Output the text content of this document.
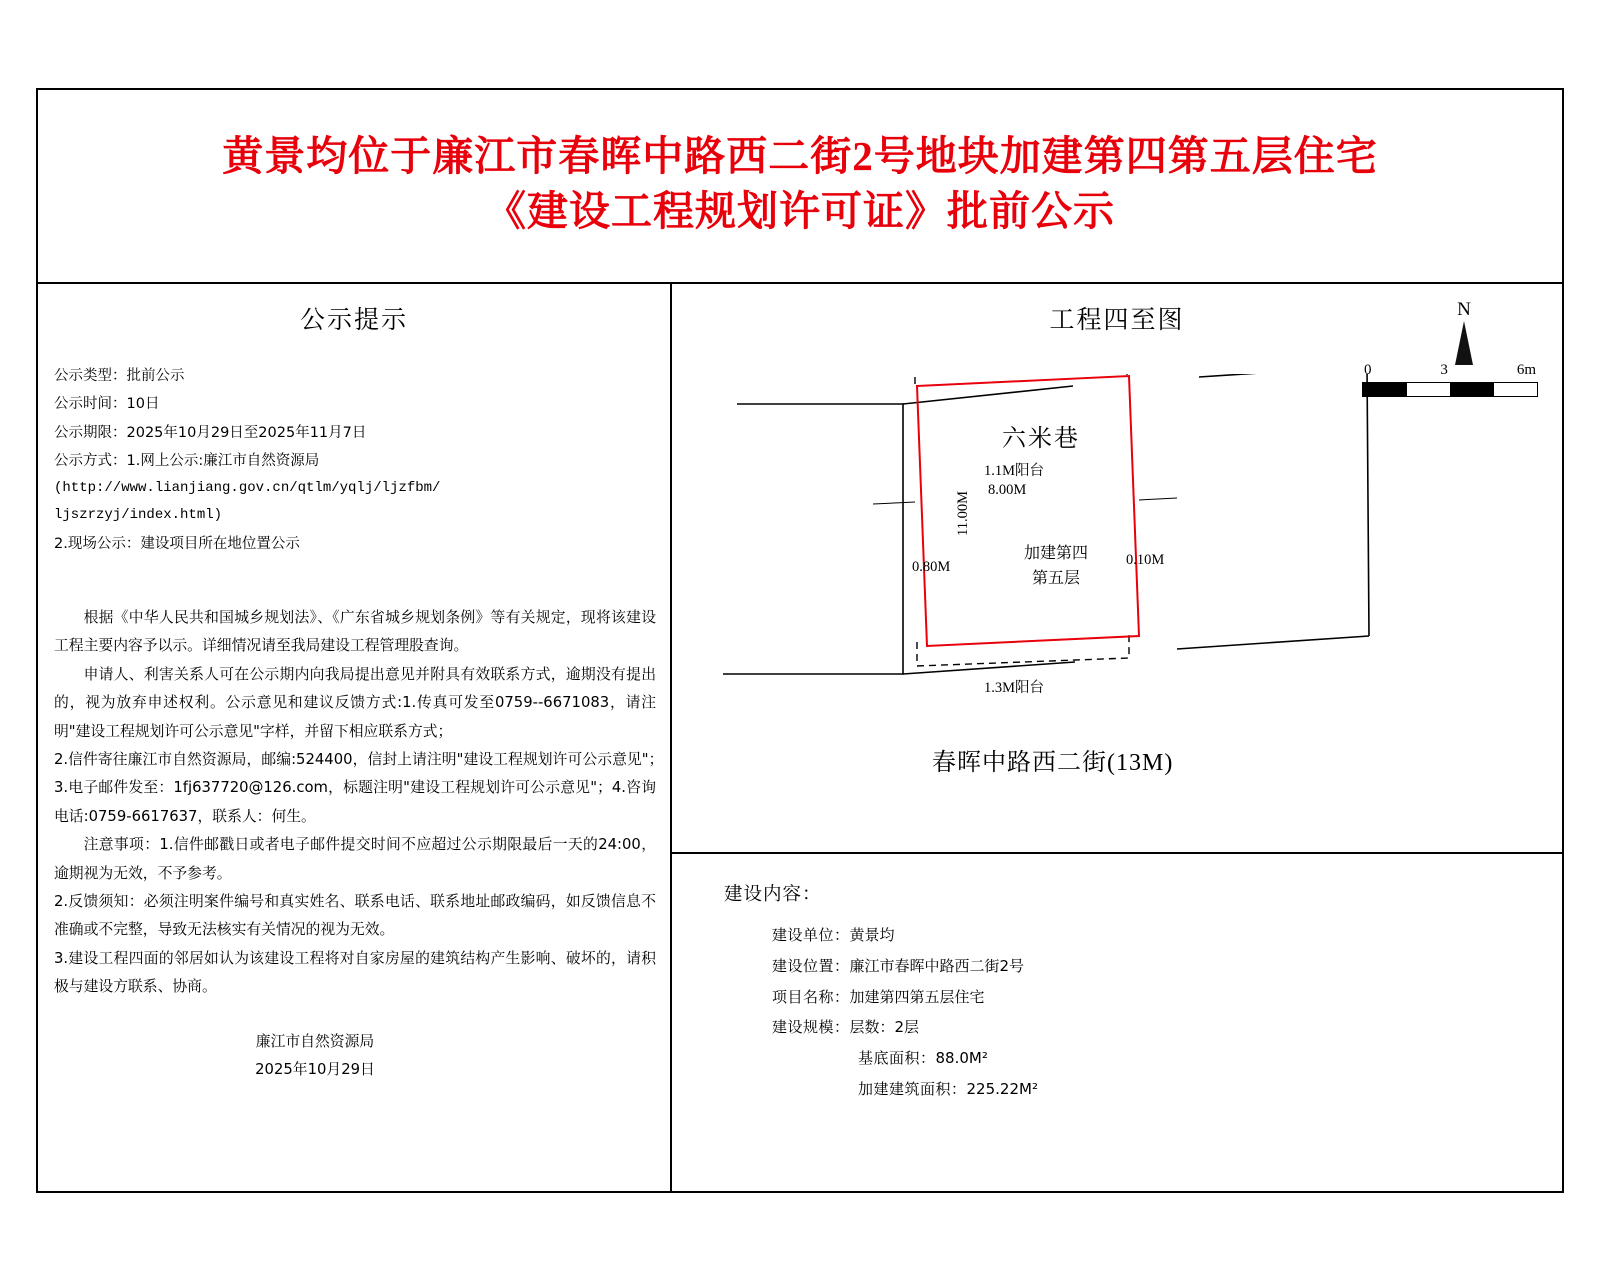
黄景均位于廉江市春晖中路西二街2号地块加建第四第五层住宅
《建设工程规划许可证》批前公示
公示提示
公示类型：批前公示
公示时间：10日
公示期限：2025年10月29日至2025年11月7日
公示方式：1.网上公示:廉江市自然资源局
(http://www.lianjiang.gov.cn/qtlm/yqlj/ljzfbm/
ljszrzyj/index.html)
2.现场公示：建设项目所在地位置公示

根据《中华人民共和国城乡规划法》、《广东省城乡规划条例》等有关规定，现将该建设工程主要内容予以示。详细情况请至我局建设工程管理股查询。

申请人、利害关系人可在公示期内向我局提出意见并附具有效联系方式，逾期没有提出的，视为放弃申述权利。公示意见和建议反馈方式:1.传真可发至0759--6671083，请注明"建设工程规划许可公示意见"字样，并留下相应联系方式；

2.信件寄往廉江市自然资源局，邮编:524400，信封上请注明"建设工程规划许可公示意见"；　3.电子邮件发至：1fj637720@126.com，标题注明"建设工程规划许可公示意见"；4.咨询电话:0759-6617637，联系人：何生。

注意事项：1.信件邮戳日或者电子邮件提交时间不应超过公示期限最后一天的24:00，逾期视为无效，不予参考。

2.反馈须知：必须注明案件编号和真实姓名、联系电话、联系地址邮政编码，如反馈信息不准确或不完整，导致无法核实有关情况的视为无效。

3.建设工程四面的邻居如认为该建设工程将对自家房屋的建筑结构产生影响、破坏的，请积极与建设方联系、协商。

廉江市自然资源局
2025年10月29日
工程四至图	N
0	3	6m
六米巷
春晖中路西二街(13M)
1.1M阳台
8.00M
0.80M
11.00M
0.10M
1.3M阳台
加建第四
第五层
建设内容：
建设单位：黄景均
建设位置：廉江市春晖中路西二街2号
项目名称：加建第四第五层住宅
建设规模：层数：2层
基底面积：88.0M²
加建建筑面积：225.22M²
